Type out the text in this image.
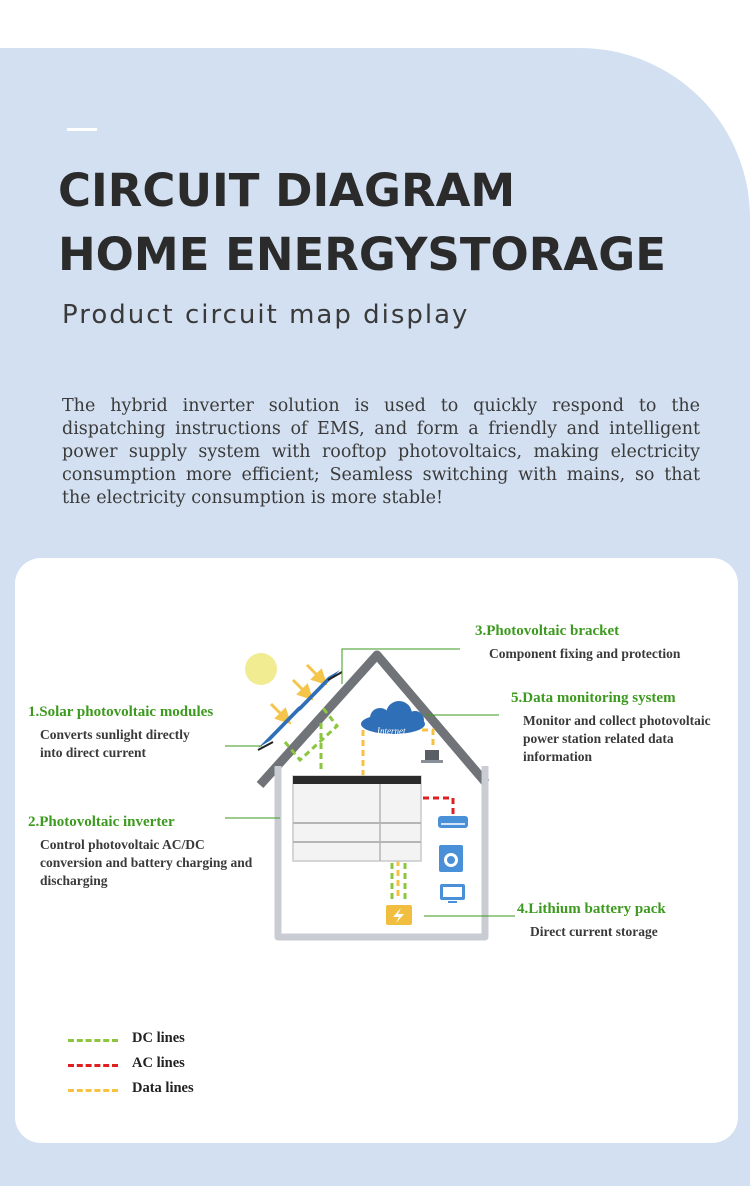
CIRCUIT DIAGRAM
HOME ENERGYSTORAGE

Product circuit map display

The hybrid inverter solution is used to quickly respond to the dispatching instructions of EMS, and form a friendly and intelligent power supply system with rooftop photovoltaics, making electricity consumption more efficient; Seamless switching with mains, so that the electricity consumption is more stable!

Internet

1.Solar photovoltaic modules

Converts sunlight directly into direct current

2.Photovoltaic inverter

Control photovoltaic AC/DC conversion and battery charging and discharging

3.Photovoltaic bracket

Component fixing and protection

4.Lithium battery pack

Direct current storage

5.Data monitoring system

Monitor and collect photovoltaic power station related data information

DC lines
AC lines
Data lines
